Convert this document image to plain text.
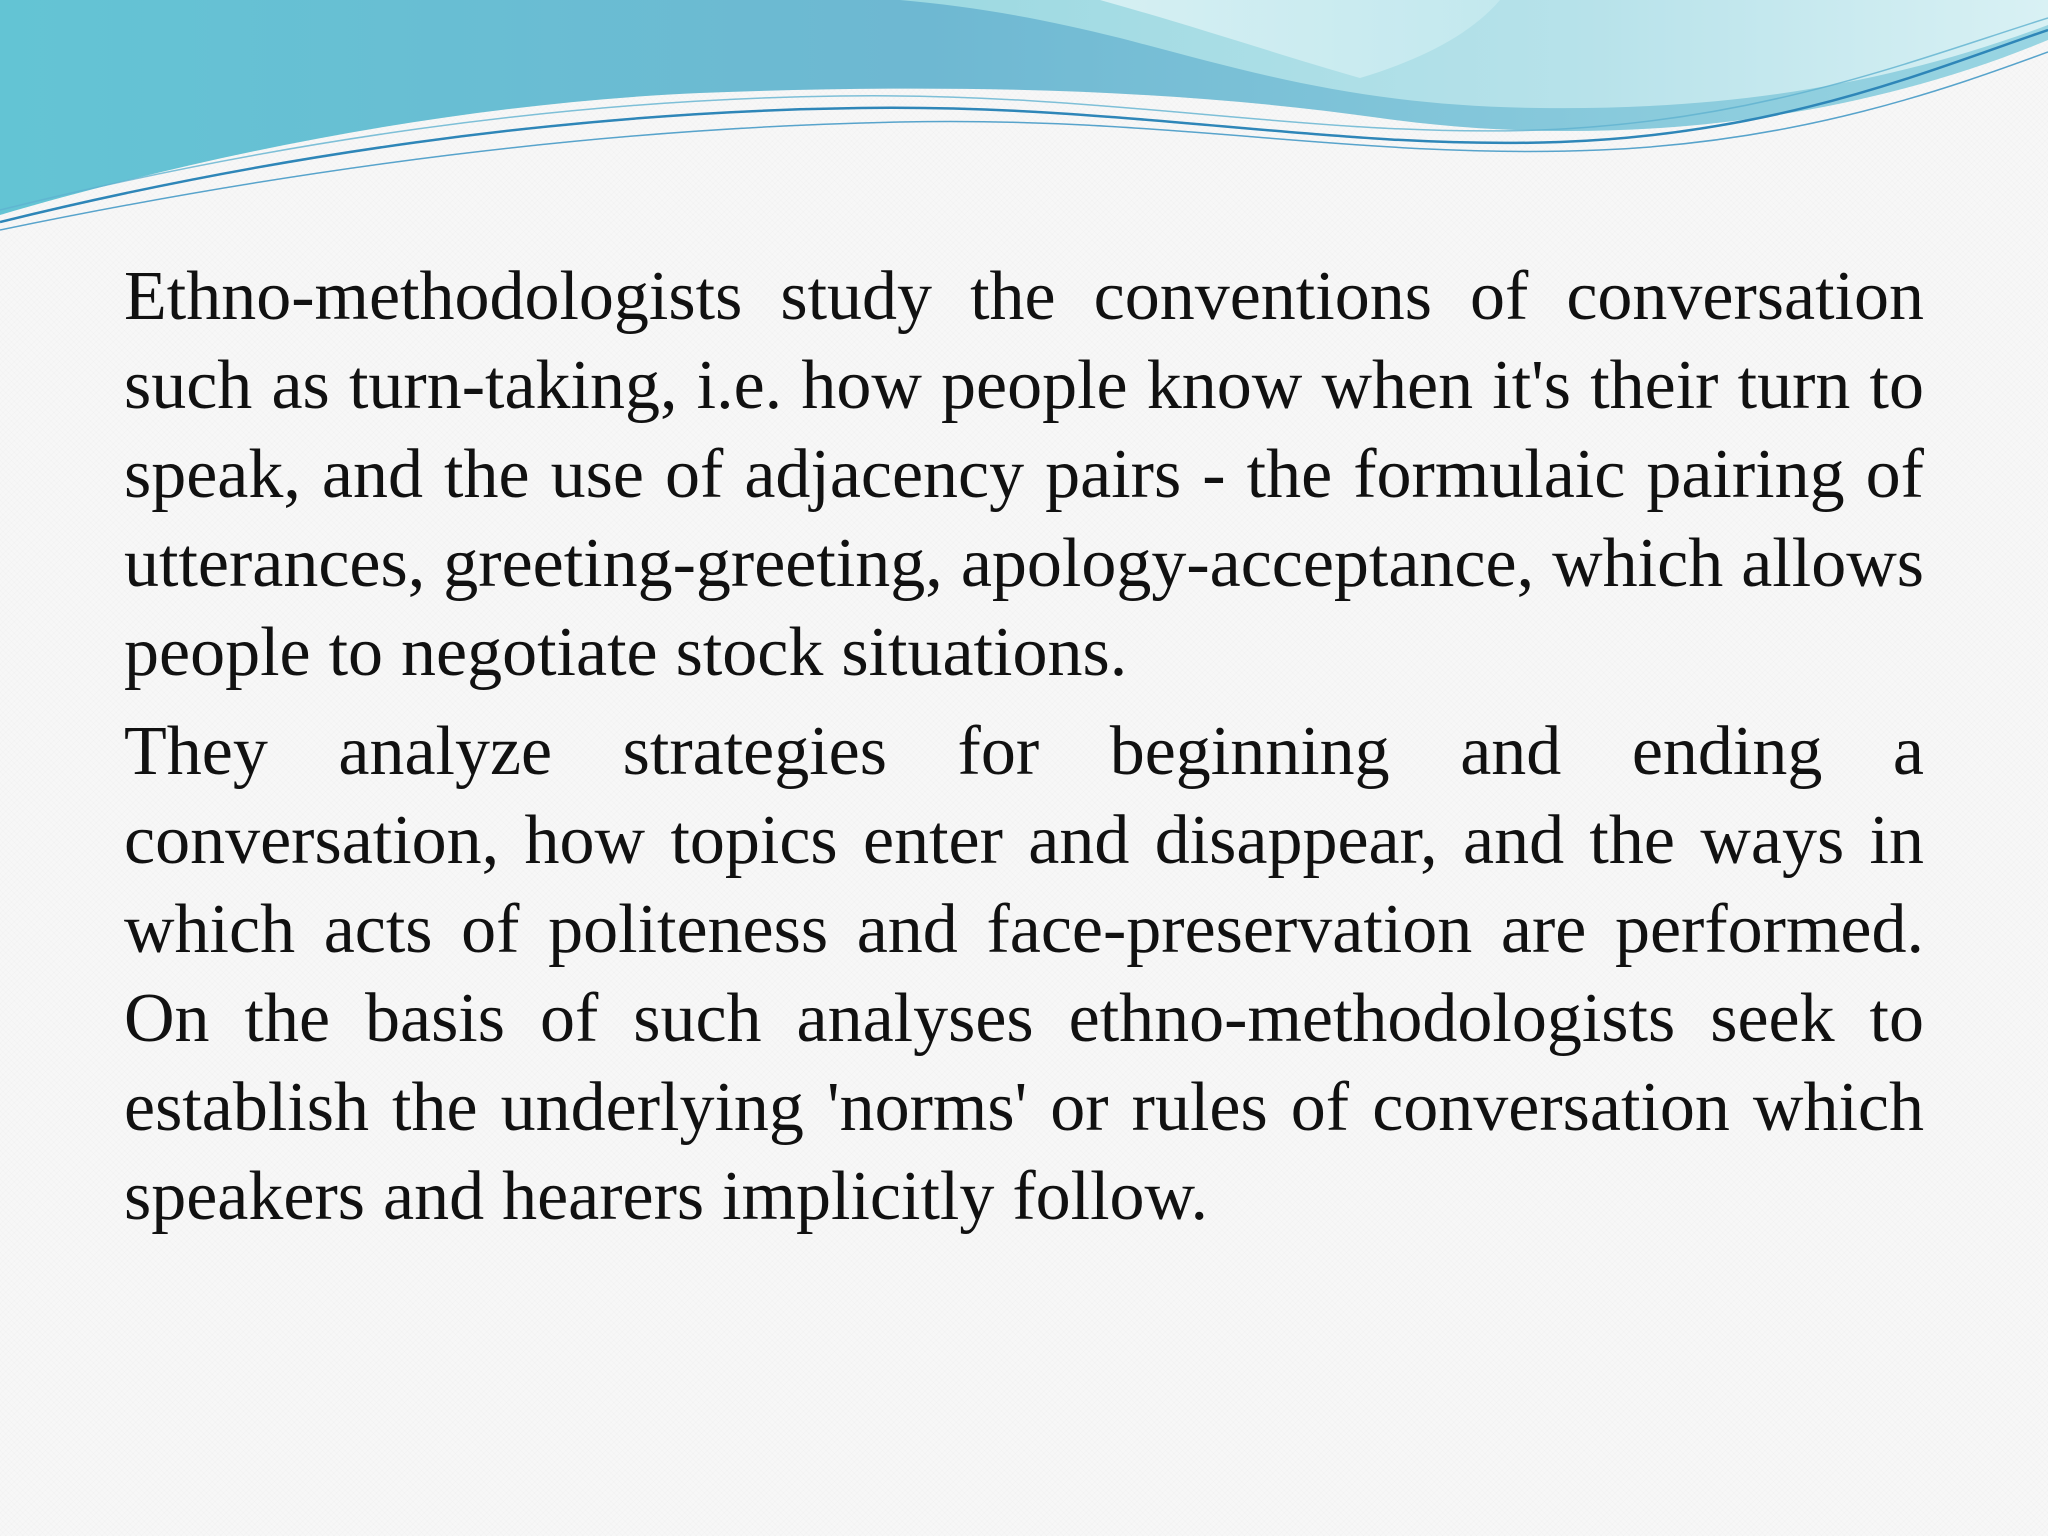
Ethno-methodologists study the conventions of conversation such as turn-taking, i.e. how people know when it's their turn to speak, and the use of adjacency pairs - the formulaic pairing of utterances, greeting-greeting, apology-acceptance, which allows people to negotiate stock situations.

They analyze strategies for beginning and ending a conversation, how topics enter and disappear, and the ways in which acts of politeness and face-preservation are performed. On the basis of such analyses ethno-methodologists seek to establish the underlying 'norms' or rules of conversation which speakers and hearers implicitly follow.
